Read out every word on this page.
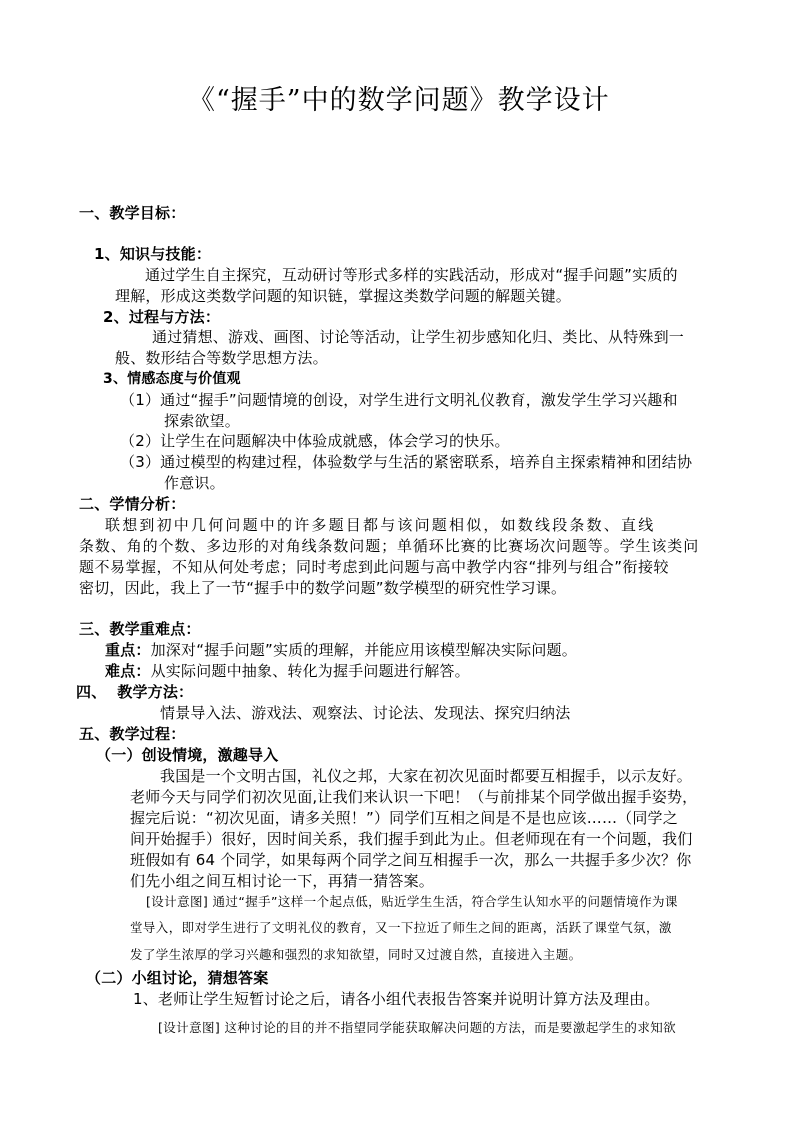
《“握手”中的数学问题》教学设计
一、教学目标：
1、知识与技能：
通过学生自主探究，互动研讨等形式多样的实践活动，形成对“握手问题”实质的
理解，形成这类数学问题的知识链，掌握这类数学问题的解题关键。
2、过程与方法：
通过猜想、游戏、画图、讨论等活动，让学生初步感知化归、类比、从特殊到一
般、数形结合等数学思想方法。
3、情感态度与价值观
（1）通过“握手”问题情境的创设，对学生进行文明礼仪教育，激发学生学习兴趣和
探索欲望。
（2）让学生在问题解决中体验成就感，体会学习的快乐。
（3）通过模型的构建过程，体验数学与生活的紧密联系，培养自主探索精神和团结协
作意识。
二、学情分析：
联想到初中几何问题中的许多题目都与该问题相似，如数线段条数、直线
条数、角的个数、多边形的对角线条数问题；单循环比赛的比赛场次问题等。学生该类问
题不易掌握，不知从何处考虑；同时考虑到此问题与高中教学内容“排列与组合”衔接较
密切，因此，我上了一节“握手中的数学问题”数学模型的研究性学习课。
三、教学重难点：
重点：加深对“握手问题”实质的理解，并能应用该模型解决实际问题。
难点：从实际问题中抽象、转化为握手问题进行解答。
四、  教学方法：
情景导入法、游戏法、观察法、讨论法、发现法、探究归纳法
五、教学过程：
（一）创设情境，激趣导入
我国是一个文明古国，礼仪之邦，大家在初次见面时都要互相握手，以示友好。
老师今天与同学们初次见面,让我们来认识一下吧！（与前排某个同学做出握手姿势，
握完后说：“初次见面，请多关照！”）同学们互相之间是不是也应该……（同学之
间开始握手）很好，因时间关系，我们握手到此为止。但老师现在有一个问题，我们
班假如有 64 个同学，如果每两个同学之间互相握手一次，那么一共握手多少次？你
们先小组之间互相讨论一下，再猜一猜答案。
[设计意图] 通过“握手”这样一个起点低，贴近学生生活，符合学生认知水平的问题情境作为课
堂导入，即对学生进行了文明礼仪的教育，又一下拉近了师生之间的距离，活跃了课堂气氛，激
发了学生浓厚的学习兴趣和强烈的求知欲望，同时又过渡自然，直接进入主题。
（二）小组讨论，猜想答案
1、老师让学生短暂讨论之后，请各小组代表报告答案并说明计算方法及理由。
[设计意图] 这种讨论的目的并不指望同学能获取解决问题的方法，而是要激起学生的求知欲
